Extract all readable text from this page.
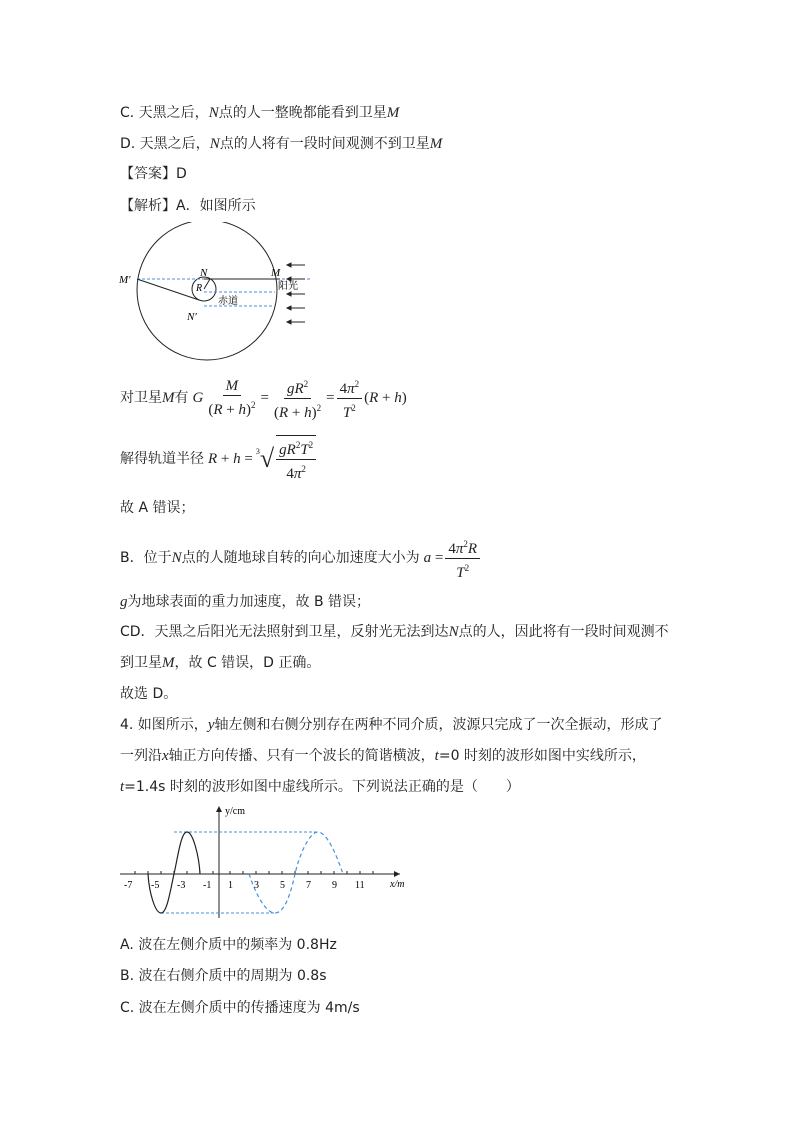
C. 天黑之后，N点的人一整晚都能看到卫星M
D. 天黑之后，N点的人将有一段时间观测不到卫星M
【答案】D
【解析】A．如图所示
M′
N	M
R
N′
阳光
赤道
对卫星 M 有 G $\frac{M}{(R + h)^2} = \frac{gR^2}{(R + h)^2} = \frac{4\pi^2}{T^2} (R + h)$
解得轨道半径 R + h = 3 √ $\frac{gR^2T^2}{4\pi^2}$
故 A 错误；
B．位于 N 点的人随地球自转的向心加速度大小为 $a = \frac{4\pi^2R}{T^2}$
g为地球表面的重力加速度，故 B 错误；
CD．天黑之后阳光无法照射到卫星，反射光无法到达N点的人，因此将有一段时间观测不
到卫星M，故 C 错误，D 正确。
故选 D。
4. 如图所示，y轴左侧和右侧分别存在两种不同介质，波源只完成了一次全振动，形成了
一列沿x轴正方向传播、只有一个波长的简谐横波，t=0 时刻的波形如图中实线所示，
t=1.4s 时刻的波形如图中虚线所示。下列说法正确的是（　　）
-7 -5 -3 -1 1 3 5 7 9 11
y/cm
x/m
A. 波在左侧介质中的频率为 0.8Hz
B. 波在右侧介质中的周期为 0.8s
C. 波在左侧介质中的传播速度为 4m/s
